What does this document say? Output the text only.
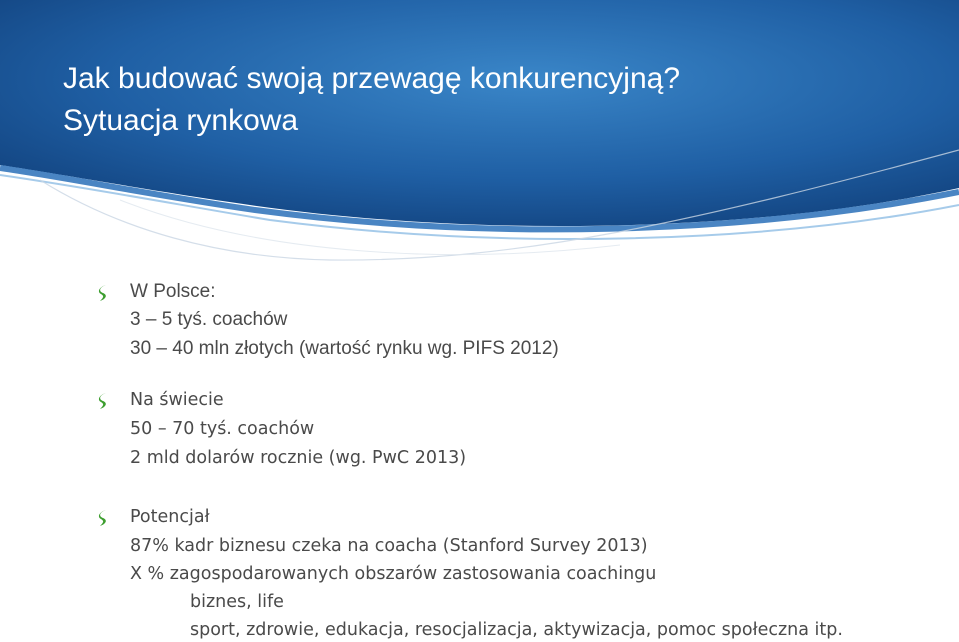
Jak budować swoją przewagę konkurencyjną?
Sytuacja rynkowa

W Polsce:

3 – 5 tyś. coachów

30 – 40 mln złotych (wartość rynku wg. PIFS 2012)

Na świecie

50 – 70 tyś. coachów

2 mld dolarów rocznie (wg. PwC 2013)

Potencjał

87% kadr biznesu czeka na coacha (Stanford Survey 2013)

X % zagospodarowanych obszarów zastosowania coachingu

biznes, life

sport, zdrowie, edukacja, resocjalizacja, aktywizacja, pomoc społeczna itp.
